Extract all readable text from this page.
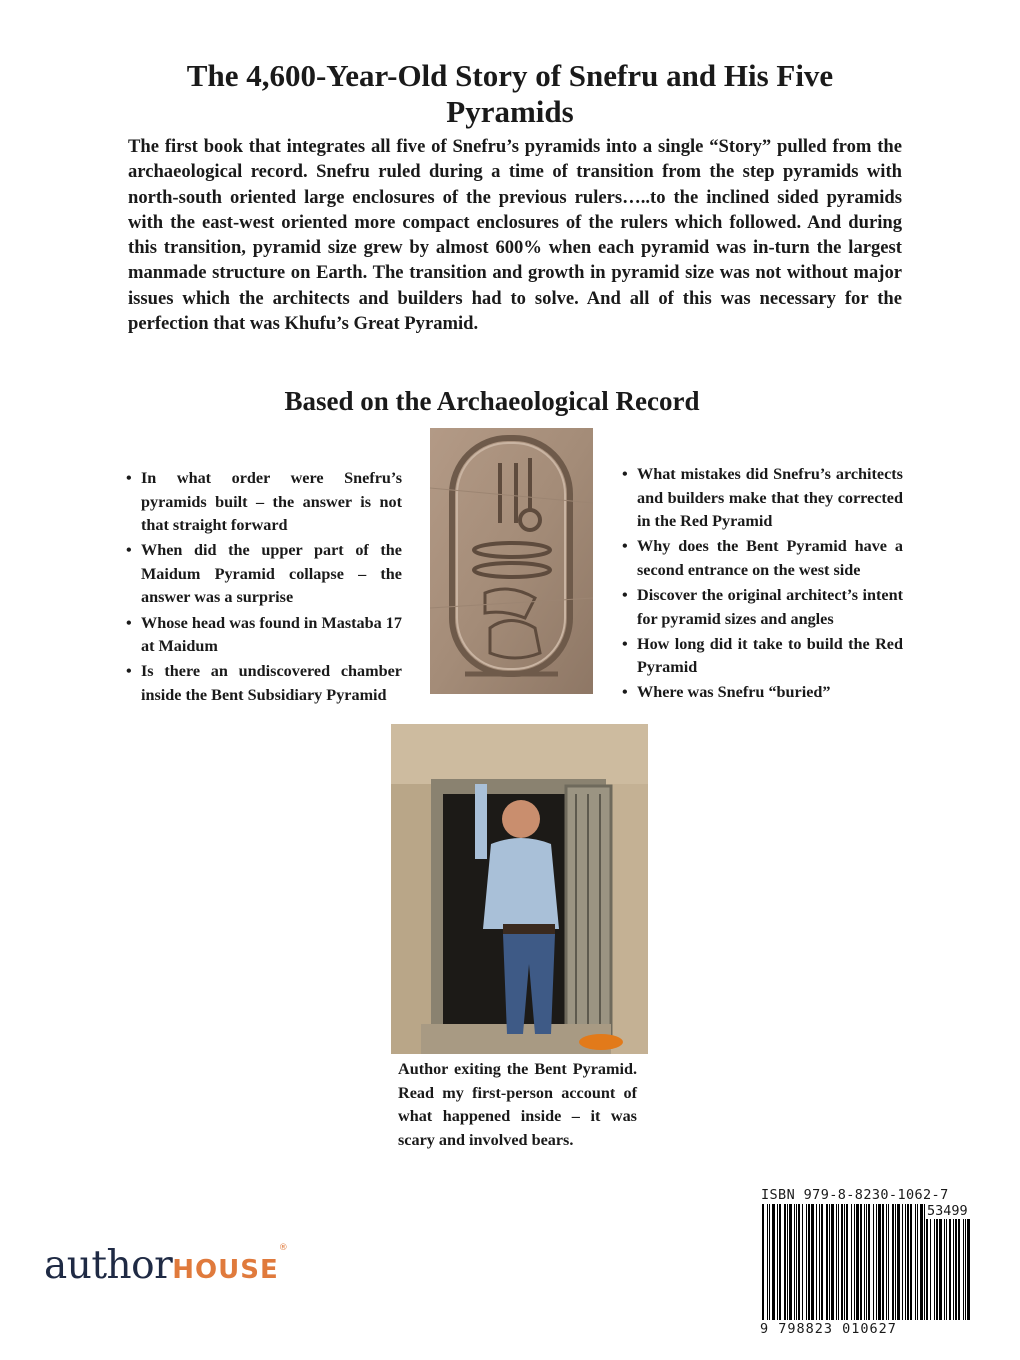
The 4,600-Year-Old Story of Snefru and His Five Pyramids

The first book that integrates all five of Snefru’s pyramids into a single “Story” pulled from the archaeological record. Snefru ruled during a time of transition from the step pyramids with north-south oriented large enclosures of the previous rulers…..to the inclined sided pyramids with the east-west oriented more compact enclosures of the rulers which followed. And during this transition, pyramid size grew by almost 600% when each pyramid was in-turn the largest manmade structure on Earth. The transition and growth in pyramid size was not without major issues which the architects and builders had to solve. And all of this was necessary for the perfection that was Khufu’s Great Pyramid.

Based on the Archaeological Record
• In what order were Snefru’s pyramids built – the answer is not that straight forward
• When did the upper part of the Maidum Pyramid collapse – the answer was a surprise
• Whose head was found in Mastaba 17 at Maidum
• Is there an undiscovered chamber inside the Bent Subsidiary Pyramid
• What mistakes did Snefru’s architects and builders make that they corrected in the Red Pyramid
• Why does the Bent Pyramid have a second entrance on the west side
• Discover the original architect’s intent for pyramid sizes and angles
• How long did it take to build the Red Pyramid
• Where was Snefru “buried”

Author exiting the Bent Pyramid. Read my first-person account of what happened inside – it was scary and involved bears.

ISBN 979-8-8230-1062-7
53499
9 798823 010627
authorHOUSE®
